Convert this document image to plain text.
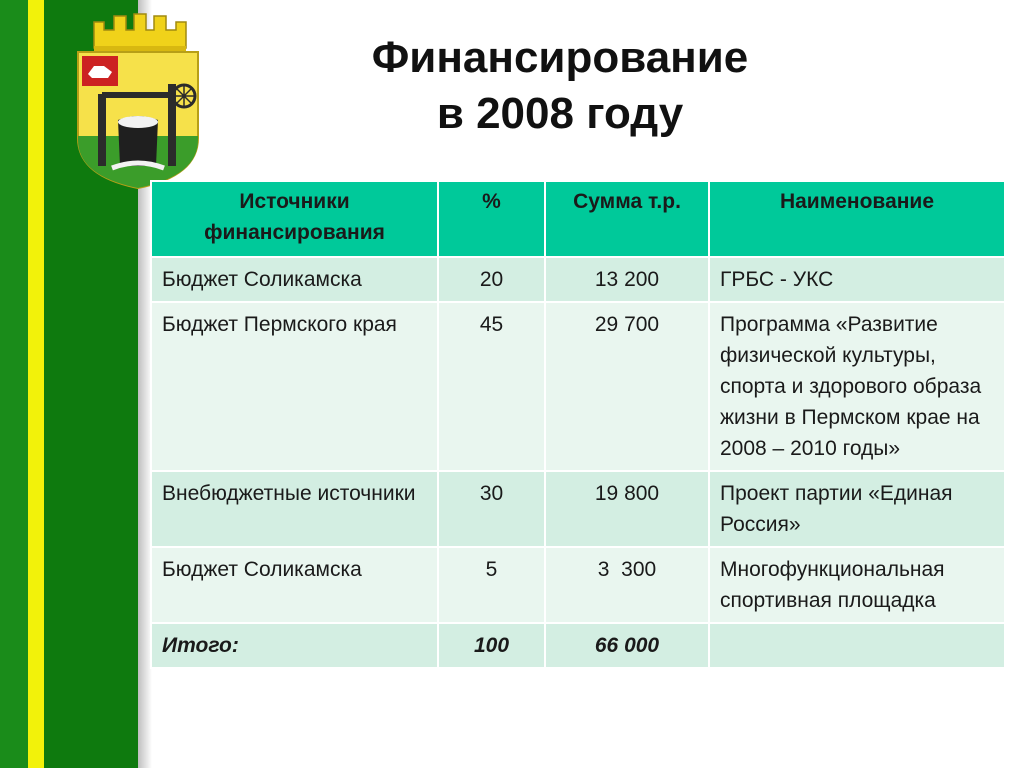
Финансирование
в 2008 году
Источники финансирования	%	Сумма т.р.	Наименование
Бюджет Соликамска	20	13 200	ГРБС - УКС
Бюджет Пермского края	45	29 700	Программа «Развитие физической культуры, спорта и здорового образа жизни в Пермском крае на 2008 – 2010 годы»
Внебюджетные источники	30	19 800	Проект партии «Единая Россия»
Бюджет Соликамска	5	3  300	Многофункциональная спортивная площадка
Итого:	100	66 000	
